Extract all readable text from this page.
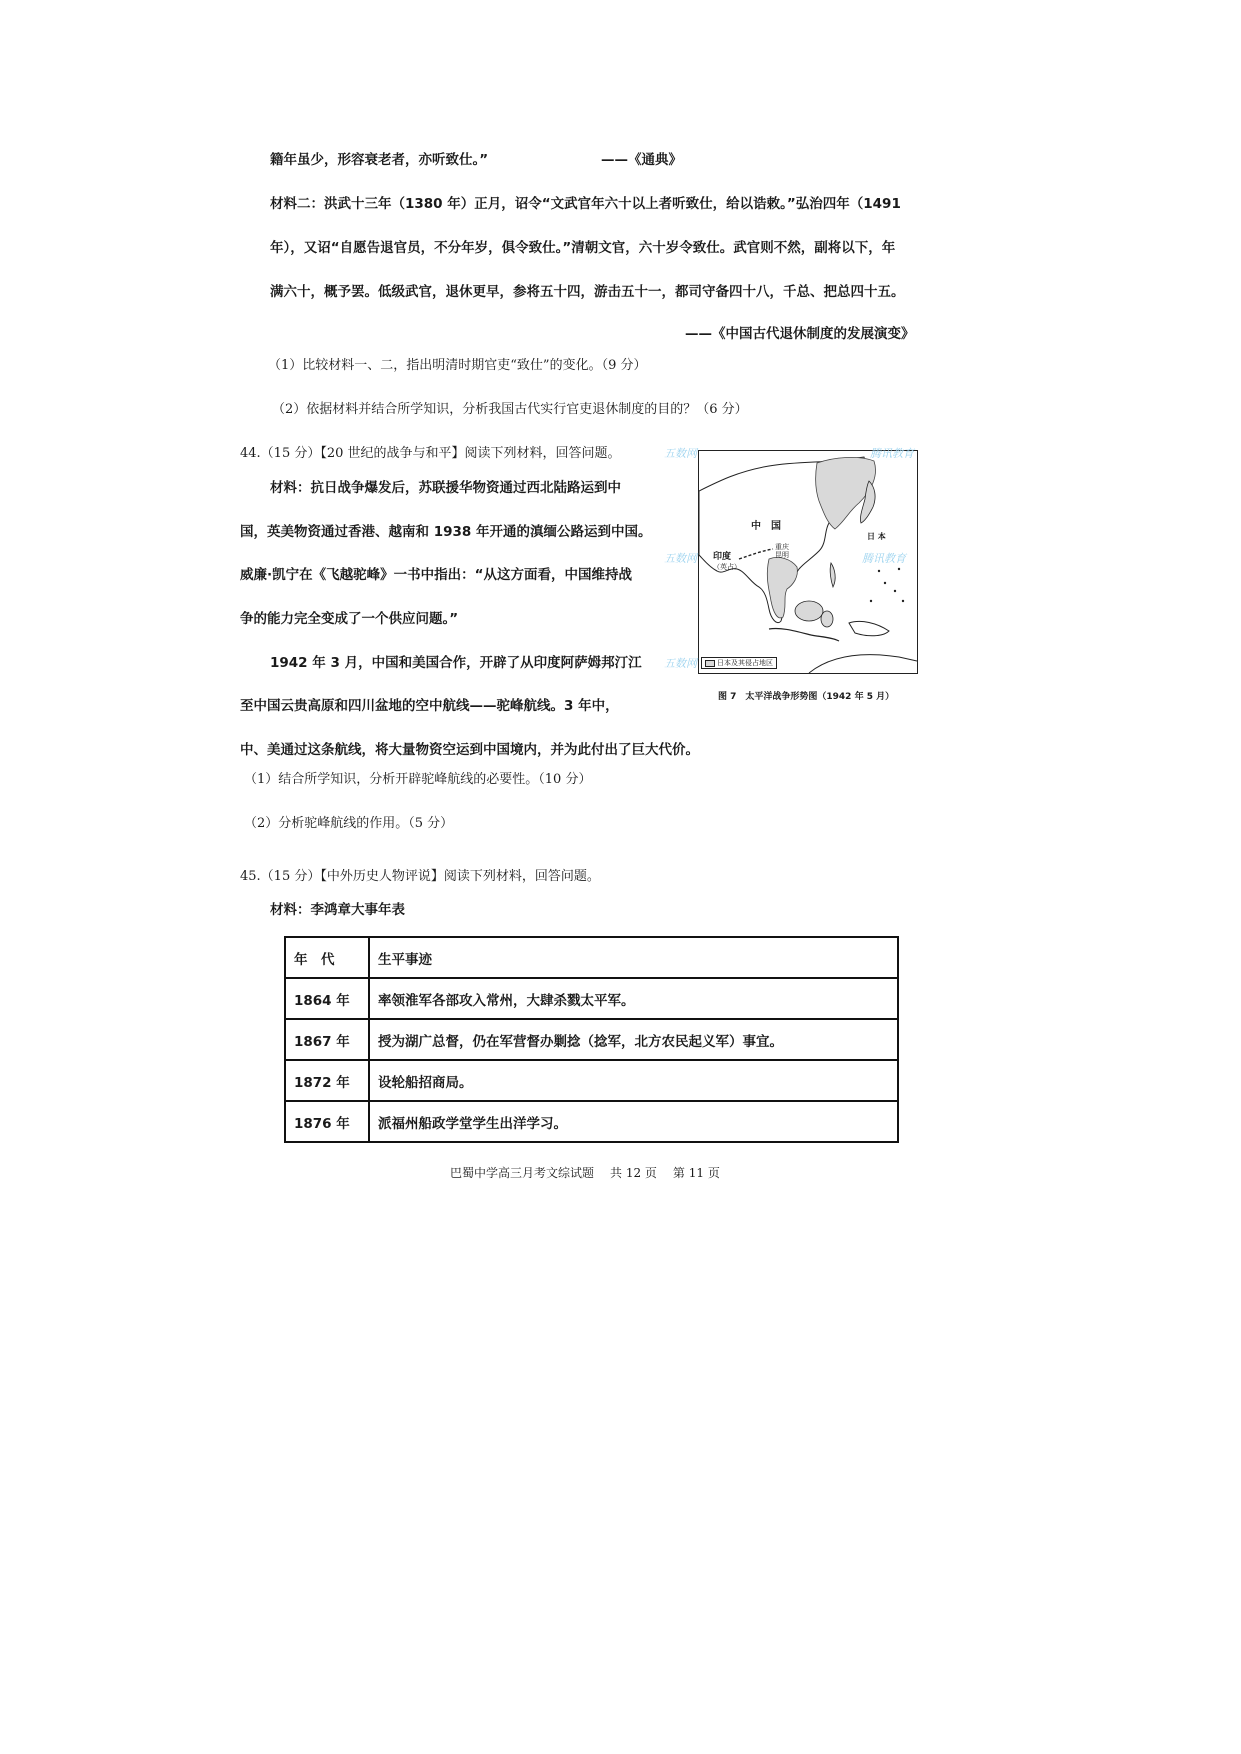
籍年虽少，形容衰老者，亦听致仕。”	——《通典》
材料二：洪武十三年（1380 年）正月，诏令“文武官年六十以上者听致仕，给以诰敕。”弘治四年（1491
年），又诏“自愿告退官员，不分年岁，俱令致仕。”清朝文官，六十岁令致仕。武官则不然，副将以下，年
满六十，概予罢。低级武官，退休更早，参将五十四，游击五十一，都司守备四十八，千总、把总四十五。
——《中国古代退休制度的发展演变》
（1）比较材料一、二，指出明清时期官吏“致仕”的变化。（9 分）
（2）依据材料并结合所学知识，分析我国古代实行官吏退休制度的目的？（6 分）
44.（15 分）【20 世纪的战争与和平】阅读下列材料，回答问题。
材料：抗日战争爆发后，苏联援华物资通过西北陆路运到中
国，英美物资通过香港、越南和 1938 年开通的滇缅公路运到中国。
威廉·凯宁在《飞越驼峰》一书中指出：“从这方面看，中国维持战
争的能力完全变成了一个供应问题。”
1942 年 3 月，中国和美国合作，开辟了从印度阿萨姆邦汀江
至中国云贵高原和四川盆地的空中航线——驼峰航线。3 年中，
中、美通过这条航线，将大量物资空运到中国境内，并为此付出了巨大代价。
（1）结合所学知识，分析开辟驼峰航线的必要性。（10 分）
（2）分析驼峰航线的作用。（5 分）
中　国
日 本
印度
（英占）
重庆
昆明
日本及其侵占地区
图 7　太平洋战争形势图（1942 年 5 月）
五数网	腾讯教育
五数网	腾讯教育
五数网
45.（15 分）【中外历史人物评说】阅读下列材料，回答问题。
材料：李鸿章大事年表
年　代	生平事迹
1864 年	率领淮军各部攻入常州，大肆杀戮太平军。
1867 年	授为湖广总督，仍在军营督办剿捻（捻军，北方农民起义军）事宜。
1872 年	设轮船招商局。
1876 年	派福州船政学堂学生出洋学习。
巴蜀中学高三月考文综试题 共 12 页 第 11 页
